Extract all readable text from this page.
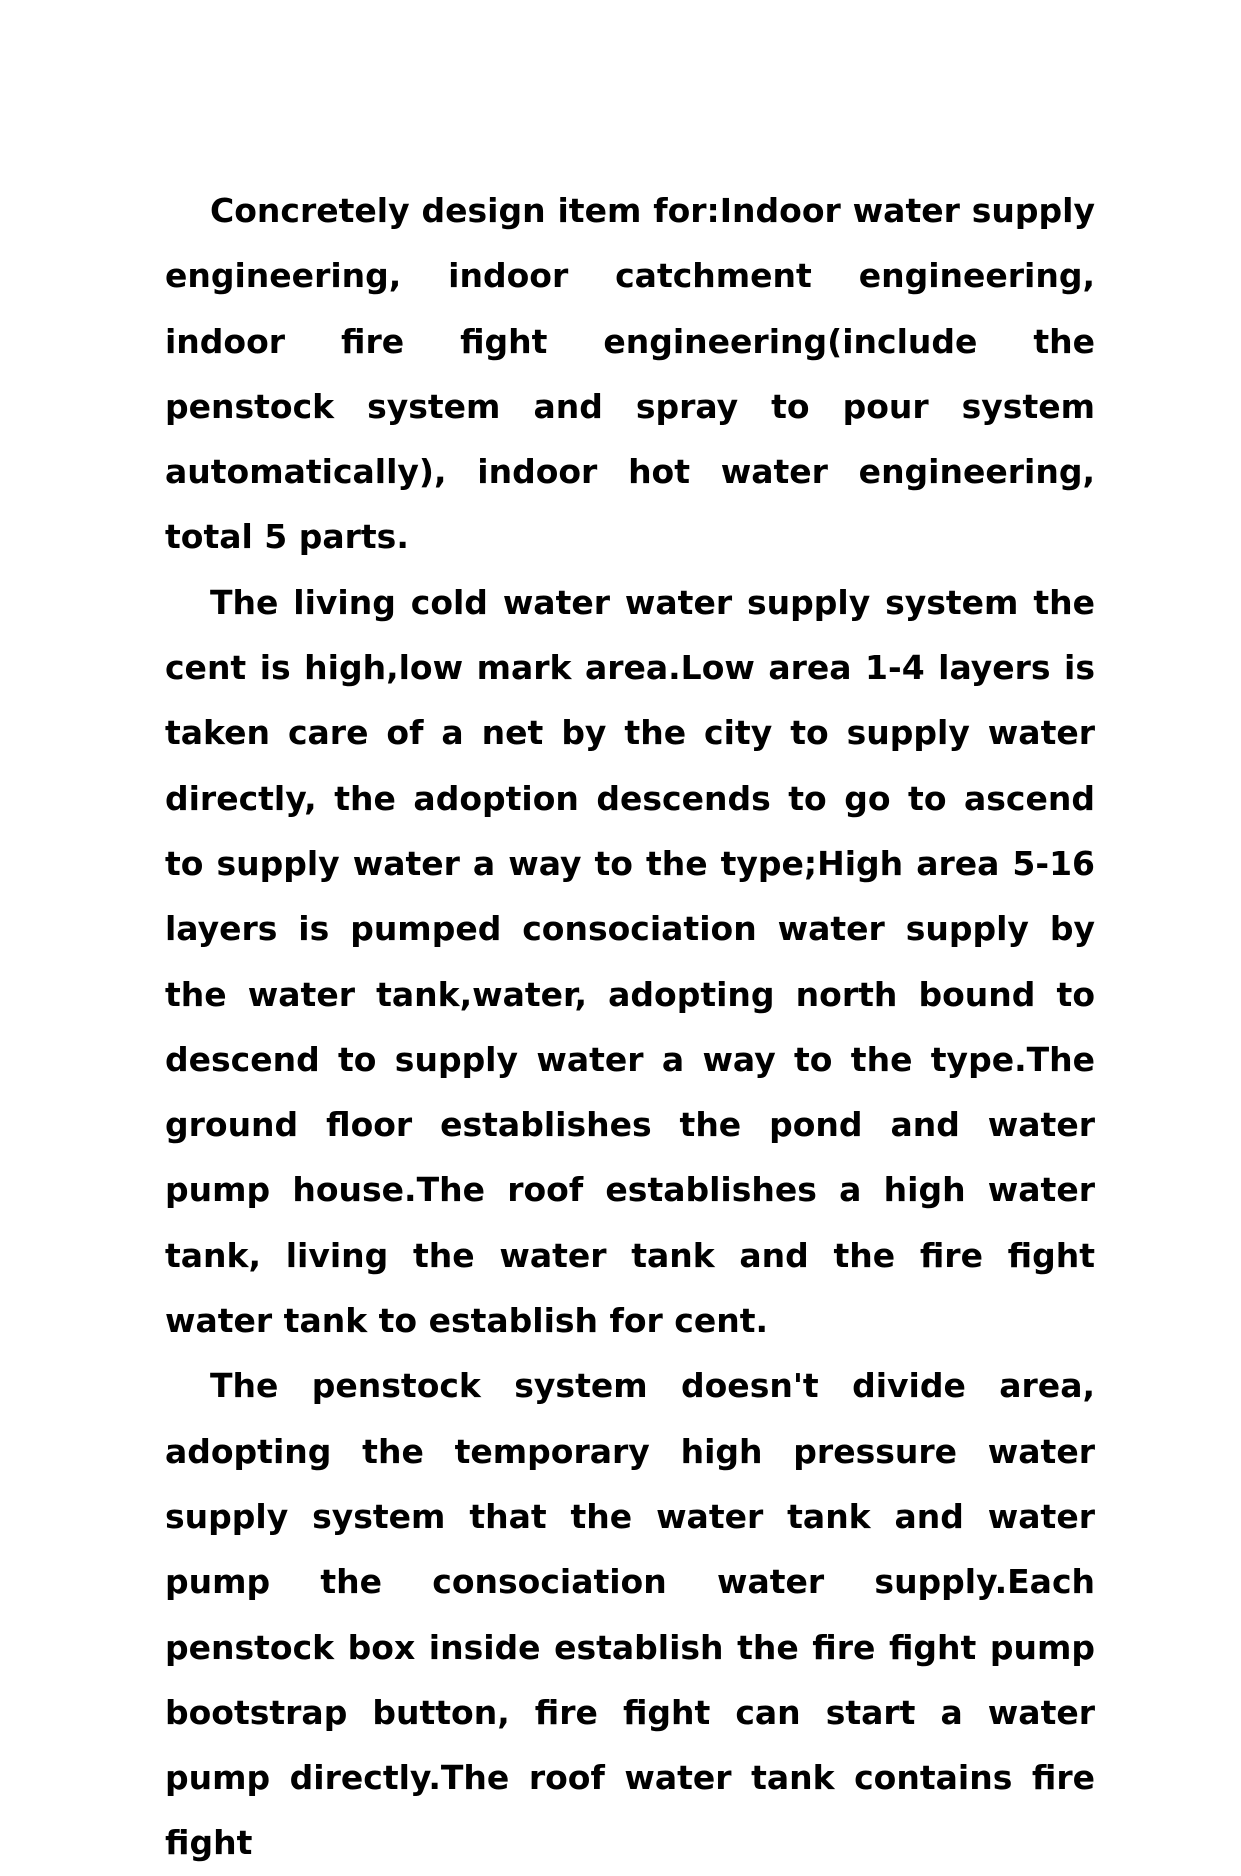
Concretely design item for:Indoor water supply engineering, indoor catchment engineering, indoor fire fight engineering(include the penstock system and spray to pour system automatically), indoor hot water engineering, total 5 parts.

The living cold water water supply system the cent is high,low mark area.Low area 1-4 layers is taken care of a net by the city to supply water directly, the adoption descends to go to ascend to supply water a way to the type;High area 5-16 layers is pumped consociation water supply by the water tank,water, adopting north bound to descend to supply water a way to the type.The ground floor establishes the pond and water pump house.The roof establishes a high water tank, living the water tank and the fire fight water tank to establish for cent.

The penstock system doesn't divide area, adopting the temporary high pressure water supply system that the water tank and water pump the consociation water supply.Each penstock box inside establish the fire fight pump bootstrap button, fire fight can start a water pump directly.The roof water tank contains fire fight
